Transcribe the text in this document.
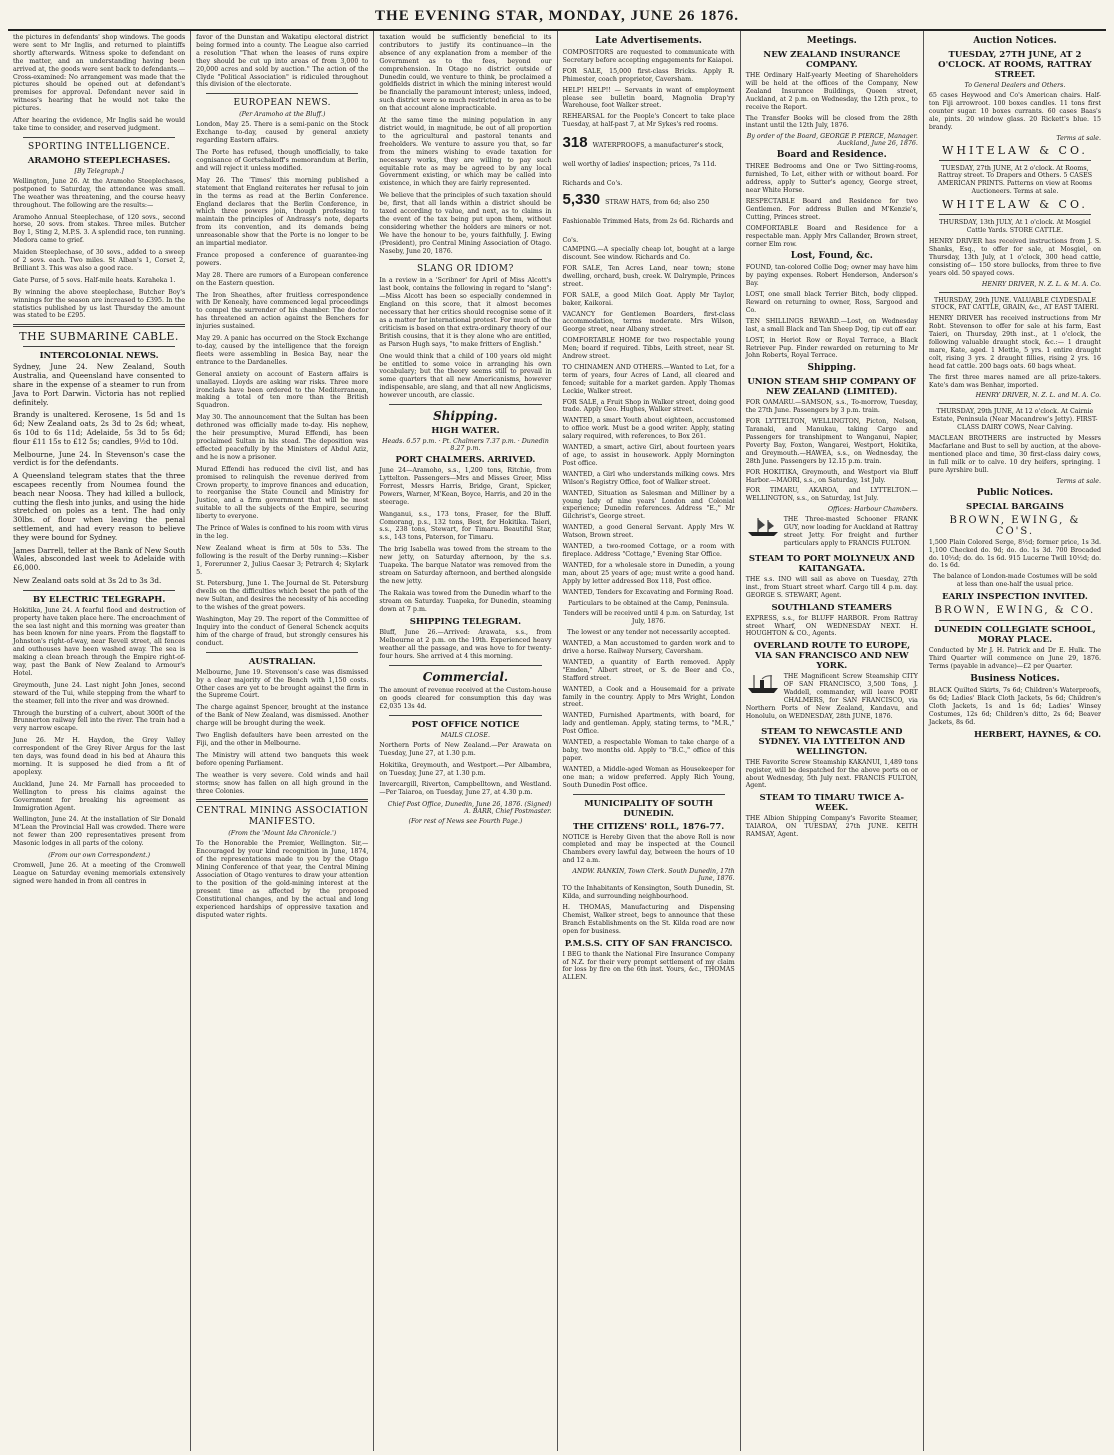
THE EVENING STAR, MONDAY, JUNE 26 1876.

the pictures in defendants' shop windows. The goods were sent to Mr Inglis, and returned to plaintiffs shortly afterwards. Witness spoke to defendant on the matter, and an understanding having been arrived at, the goods were sent back to defendants.—Cross-examined: No arrangement was made that the pictures should be opened out at defendant's premises for approval. Defendant never said in witness's hearing that he would not take the pictures.

After hearing the evidence, Mr Inglis said he would take time to consider, and reserved judgment.

SPORTING INTELLIGENCE.
ARAMOHO STEEPLECHASES.
[By Telegraph.]

Wellington, June 26. At the Aramoho Steeplechases, postponed to Saturday, the attendance was small. The weather was threatening, and the course heavy throughout. The following are the results:—

Aramoho Annual Steeplechase, of 120 sovs., second horse, 20 sovs. from stakes. Three miles. Butcher Boy 1, Sting 2, M.P.S. 3. A splendid race, ten running. Medora came to grief.

Maiden Steeplechase, of 30 sovs., added to a sweep of 2 sovs. each. Two miles. St Alban's 1, Corset 2, Brilliant 3. This was also a good race.

Gate Purse, of 5 sovs. Half-mile heats. Karaheka 1.

By winning the above steeplechase, Butcher Boy's winnings for the season are increased to £395. In the statistics published by us last Thursday the amount was stated to be £295.

THE SUBMARINE CABLE.
INTERCOLONIAL NEWS.

Sydney, June 24. New Zealand, South Australia, and Queensland have consented to share in the expense of a steamer to run from Java to Port Darwin. Victoria has not replied definitely.

Brandy is unaltered. Kerosene, 1s 5d and 1s 6d; New Zealand oats, 2s 3d to 2s 6d; wheat, 6s 10d to 6s 11d; Adelaide, 5s 3d to 5s 6d; flour £11 15s to £12 5s; candles, 9½d to 10d.

Melbourne, June 24. In Stevenson's case the verdict is for the defendants.

A Queensland telegram states that the three escapees recently from Noumea found the beach near Noosa. They had killed a bullock, cutting the flesh into junks, and using the hide stretched on poles as a tent. The had only 30lbs. of flour when leaving the penal settlement, and had every reason to believe they were bound for Sydney.

James Darrell, teller at the Bank of New South Wales, absconded last week to Adelaide with £6,000.

New Zealand oats sold at 3s 2d to 3s 3d.

BY ELECTRIC TELEGRAPH.

Hokitika, June 24. A fearful flood and destruction of property have taken place here. The encroachment of the sea last night and this morning was greater than has been known for nine years. From the flagstaff to Johnston's right-of-way, near Revell street, all fences and outhouses have been washed away. The sea is making a clean breach through the Empire right-of-way, past the Bank of New Zealand to Armour's Hotel.

Greymouth, June 24. Last night John Jones, second steward of the Tui, while stepping from the wharf to the steamer, fell into the river and was drowned.

Through the bursting of a culvert, about 300ft of the Brunnerton railway fell into the river. The train had a very narrow escape.

June 26. Mr H. Haydon, the Grey Valley correspondent of the Grey River Argus for the last ten days, was found dead in his bed at Ahaura this morning. It is supposed he died from a fit of apoplexy.

Auckland, June 24. Mr Farnall has proceeded to Wellington to press his claims against the Government for breaking his agreement as Immigration Agent.

Wellington, June 24. At the installation of Sir Donald M'Lean the Provincial Hall was crowded. There were not fewer than 200 representatives present from Masonic lodges in all parts of the colony.

(From our own Correspondent.)

Cromwell, June 26. At a meeting of the Cromwell League on Saturday evening memorials extensively signed were handed in from all centres in

favor of the Dunstan and Wakatipu electoral district being formed into a county. The League also carried a resolution "That when the leases of runs expire they should be cut up into areas of from 3,000 to 20,000 acres and sold by auction." The action of the Clyde "Political Association" is ridiculed throughout this division of the electorate.

EUROPEAN NEWS.
(Per Aramoho at the Bluff.)

London, May 25. There is a semi-panic on the Stock Exchange to-day, caused by general anxiety regarding Eastern affairs.

The Porte has refused, though unofficially, to take cognisance of Gortschakoff's memorandum at Berlin, and will reject it unless modified.

May 26. The 'Times' this morning published a statement that England reiterates her refusal to join in the terms as read at the Berlin Conference. England declares that the Berlin Conference, in which three powers join, though professing to maintain the principles of Andrassy's note, departs from its convention, and its demands being unreasonable show that the Porte is no longer to be an impartial mediator.

France proposed a conference of guarantee-ing powers.

May 28. There are rumors of a European conference on the Eastern question.

The Iron Sheathes, after fruitless correspondence with Dr Kenealy, have commenced legal proceedings to compel the surrender of his chamber. The doctor has threatened an action against the Benchers for injuries sustained.

May 29. A panic has occurred on the Stock Exchange to-day, caused by the intelligence that the foreign fleets were assembling in Besica Bay, near the entrance to the Dardanelles.

General anxiety on account of Eastern affairs is unallayed. Lloyds are asking war risks. Three more ironclads have been ordered to the Mediterranean, making a total of ten more than the British Squadron.

May 30. The announcement that the Sultan has been dethroned was officially made to-day. His nephew, the heir presumptive, Murad Effendi, has been proclaimed Sultan in his stead. The deposition was effected peacefully by the Ministers of Abdul Aziz, and he is now a prisoner.

Murad Effendi has reduced the civil list, and has promised to relinquish the revenue derived from Crown property, to improve finances and education, to reorganise the State Council and Ministry for Justice, and a firm government that will be most suitable to all the subjects of the Empire, securing liberty to everyone.

The Prince of Wales is confined to his room with virus in the leg.

New Zealand wheat is firm at 50s to 53s. The following is the result of the Derby running:—Kisber 1, Forerunner 2, Julius Caesar 3; Petrarch 4; Skylark 5.

St. Petersburg, June 1. The Journal de St. Petersburg dwells on the difficulties which beset the path of the new Sultan, and desires the necessity of his acceding to the wishes of the great powers.

Washington, May 29. The report of the Committee of Inquiry into the conduct of General Schenck acquits him of the charge of fraud, but strongly censures his conduct.

AUSTRALIAN.

Melbourne, June 19. Stevenson's case was dismissed by a clear majority of the Bench with 1,150 costs. Other cases are yet to be brought against the firm in the Supreme Court.

The charge against Spencer, brought at the instance of the Bank of New Zealand, was dismissed. Another charge will be brought during the week.

Two English defaulters have been arrested on the Fiji, and the other in Melbourne.

The Ministry will attend two banquets this week before opening Parliament.

The weather is very severe. Cold winds and hail storms; snow has fallen on all high ground in the three Colonies.

CENTRAL MINING ASSOCIATION MANIFESTO.
(From the 'Mount Ida Chronicle.')

To the Honorable the Premier, Wellington. Sir,—Encouraged by your kind recognition in June, 1874, of the representations made to you by the Otago Mining Conference of that year, the Central Mining Association of Otago ventures to draw your attention to the position of the gold-mining interest at the present time as affected by the proposed Constitutional changes, and by the actual and long experienced hardships of oppressive taxation and disputed water rights.

taxation would be sufficiently beneficial to its contributors to justify its continuance—in the absence of any explanation from a member of the Government as to the fees, beyond our comprehension. In Otago no district outside of Dunedin could, we venture to think, be proclaimed a goldfields district in which the mining interest would be financially the paramount interest; unless, indeed, such district were so much restricted in area as to be on that account alone impracticable.

At the same time the mining population in any district would, in magnitude, be out of all proportion to the agricultural and pastoral tenants and freeholders. We venture to assure you that, so far from the miners wishing to evade taxation for necessary works, they are willing to pay such equitable rate as may be agreed to by any local Government existing, or which may be called into existence, in which they are fairly represented.

We believe that the principles of such taxation should be, first, that all lands within a district should be taxed according to value, and next, as to claims in the event of the tax being put upon them, without considering whether the holders are miners or not. We have the honour to be, yours faithfully, J. Ewing (President), pro Central Mining Association of Otago. Naseby, June 20, 1876.

SLANG OR IDIOM?

In a review in a 'Scribner' for April of Miss Alcott's last book, contains the following in regard to "slang":—Miss Alcott has been so especially condemned in England on this score, that it almost becomes necessary that her critics should recognise some of it as a matter for international protest. For much of the criticism is based on that extra-ordinary theory of our British cousins, that it is they alone who are entitled, as Parson Hugh says, "to make fritters of English."

One would think that a child of 100 years old might be entitled to some voice in arranging his own vocabulary; but the theory seems still to prevail in some quarters that all new Americanisms, however indispensable, are slang, and that all new Anglicisms, however uncouth, are classic.

Shipping.
HIGH WATER.
Heads. 6.57 p.m. · Pt. Chalmers 7.37 p.m. · Dunedin 8.27 p.m.
PORT CHALMERS. ARRIVED.

June 24—Aramoho, s.s., 1,200 tons, Ritchie, from Lyttelton. Passengers—Mrs and Misses Greer, Miss Forrest, Messrs Harris, Bridge, Grant, Spicker, Powers, Warner, M'Kean, Boyce, Harris, and 20 in the steerage.

Wanganui, s.s., 173 tons, Fraser, for the Bluff. Comorang, p.s., 132 tons, Best, for Hokitika. Taieri, s.s., 238 tons, Stewart, for Timaru. Beautiful Star, s.s., 143 tons, Paterson, for Timaru.

The brig Isabella was towed from the stream to the new jetty, on Saturday afternoon, by the s.s. Tuapeka. The barque Natator was removed from the stream on Saturday afternoon, and berthed alongside the new jetty.

The Rakaia was towed from the Dunedin wharf to the stream on Saturday. Tuapeka, for Dunedin, steaming down at 7 p.m.

SHIPPING TELEGRAM.

Bluff, June 26.—Arrived: Arawata, s.s., from Melbourne at 2 p.m. on the 19th. Experienced heavy weather all the passage, and was hove to for twenty-four hours. She arrived at 4 this morning.

Commercial.

The amount of revenue received at the Custom-house on goods cleared for consumption this day was £2,035 13s 4d.

POST OFFICE NOTICE
MAILS CLOSE.

Northern Ports of New Zealand.—Per Arawata on Tuesday, June 27, at 1.30 p.m.

Hokitika, Greymouth, and Westport.—Per Albambra, on Tuesday, June 27, at 1.30 p.m.

Invercargill, Riverton, Campbelltown, and Westland.—Per Taiaroa, on Tuesday, June 27, at 4.30 p.m.

Chief Post Office, Dunedin, June 26, 1876. (Signed) A. BARR, Chief Postmaster.
(For rest of News see Fourth Page.)
Late Advertisements.

COMPOSITORS are requested to communicate with Secretary before accepting engagements for Kaiapoi.

FOR SALE, 15,000 first-class Bricks. Apply R. Phimester, coach proprietor, Caversham.

HELP! HELP!! — Servants in want of employment please see bulletin board, Magnolia Drap'ry Warehouse, foot Walker street.

REHEARSAL for the People's Concert to take place Tuesday, at half-past 7, at Mr Sykes's red rooms.

318 WATERPROOFS, a manufacturer's stock, well worthy of ladies' inspection; prices, 7s 11d. Richards and Co's.
5,330 STRAW HATS, from 6d; also 250 Fashionable Trimmed Hats, from 2s 6d. Richards and Co's.

CAMPING.—A specially cheap lot, bought at a large discount. See window. Richards and Co.

FOR SALE, Ten Acres Land, near town; stone dwelling, orchard, bush, creek. W. Dalrymple, Princes street.

FOR SALE, a good Milch Goat. Apply Mr Taylor, baker, Kaikorai.

VACANCY for Gentlemen Boarders, first-class accommodation, terms moderate. Mrs Wilson, George street, near Albany street.

COMFORTABLE HOME for two respectable young Men; board if required. Tibbs, Leith street, near St. Andrew street.

TO CHINAMEN AND OTHERS.—Wanted to Let, for a term of years, four Acres of Land, all cleared and fenced; suitable for a market garden. Apply Thomas Leckie, Walker street.

FOR SALE, a Fruit Shop in Walker street, doing good trade. Apply Geo. Hughes, Walker street.

WANTED, a smart Youth about eighteen, accustomed to office work. Must be a good writer. Apply, stating salary required, with references, to Box 261.

WANTED, a smart, active Girl, about fourteen years of age, to assist in housework. Apply Mornington Post office.

WANTED, a Girl who understands milking cows. Mrs Wilson's Registry Office, foot of Walker street.

WANTED, Situation as Salesman and Milliner by a young lady of nine years' London and Colonial experience; Dunedin references. Address "E.," Mr Gilchrist's, George street.

WANTED, a good General Servant. Apply Mrs W. Watson, Brown street.

WANTED, a two-roomed Cottage, or a room with fireplace. Address "Cottage," Evening Star Office.

WANTED, for a wholesale store in Dunedin, a young man, about 25 years of age; must write a good hand. Apply by letter addressed Box 118, Post office.

WANTED, Tenders for Excavating and Forming Road.

Particulars to be obtained at the Camp, Peninsula.

Tenders will be received until 4 p.m. on Saturday, 1st July, 1876.

The lowest or any tender not necessarily accepted.

WANTED, a Man accustomed to garden work and to drive a horse. Railway Nursery, Caversham.

WANTED, a quantity of Earth removed. Apply "Emden," Albert street, or S. de Beer and Co., Stafford street.

WANTED, a Cook and a Housemaid for a private family in the country. Apply to Mrs Wright, London street.

WANTED, Furnished Apartments, with board, for lady and gentleman. Apply, stating terms, to "M.R.," Post Office.

WANTED, a respectable Woman to take charge of a baby, two months old. Apply to "B.C.," office of this paper.

WANTED, a Middle-aged Woman as Housekeeper for one man; a widow preferred. Apply Rich Young, South Dunedin Post office.

MUNICIPALITY OF SOUTH DUNEDIN.
THE CITIZENS' ROLL, 1876-77.

NOTICE is Hereby Given that the above Roll is now completed and may be inspected at the Council Chambers every lawful day, between the hours of 10 and 12 a.m.

ANDW. RANKIN, Town Clerk. South Dunedin, 17th June, 1876.

TO the Inhabitants of Kensington, South Dunedin, St. Kilda, and surrounding neighbourhood.

H. THOMAS, Manufacturing and Dispensing Chemist, Walker street, begs to announce that these Branch Establishments on the St. Kilda road are now open for business.

P.M.S.S. CITY OF SAN FRANCISCO.

I BEG to thank the National Fire Insurance Company of N.Z. for their very prompt settlement of my claim for loss by fire on the 6th inst. Yours, &c., THOMAS ALLEN.

Meetings.
NEW ZEALAND INSURANCE COMPANY.

THE Ordinary Half-yearly Meeting of Shareholders will be held at the offices of the Company, New Zealand Insurance Buildings, Queen street, Auckland, at 2 p.m. on Wednesday, the 12th prox., to receive the Report.

The Transfer Books will be closed from the 28th instant until the 12th July, 1876.

By order of the Board, GEORGE P. PIERCE, Manager. Auckland, June 26, 1876.
Board and Residence.

THREE Bedrooms and One or Two Sitting-rooms, furnished, To Let, either with or without board. For address, apply to Sutter's agency, George street, near White Horse.

RESPECTABLE Board and Residence for two Gentlemen. For address Bullen and M'Kenzie's, Cutting, Princes street.

COMFORTABLE Board and Residence for a respectable man. Apply Mrs Callander, Brown street, corner Elm row.

Lost, Found, &c.

FOUND, tan-colored Collie Dog; owner may have him by paying expenses. Robert Henderson, Anderson's Bay.

LOST, one small black Terrier Bitch, body clipped. Reward on returning to owner, Ross, Sargood and Co.

TEN SHILLINGS REWARD.—Lost, on Wednesday last, a small Black and Tan Sheep Dog, tip cut off ear.

LOST, in Heriot Row or Royal Terrace, a Black Retriever Pup. Finder rewarded on returning to Mr John Roberts, Royal Terrace.

Shipping.
UNION STEAM SHIP COMPANY OF NEW ZEALAND (LIMITED).

FOR OAMARU.—SAMSON, s.s., To-morrow, Tuesday, the 27th June. Passengers by 3 p.m. train.

FOR LYTTELTON, WELLINGTON, Picton, Nelson, Taranaki, and Manukau, taking Cargo and Passengers for transhipment to Wanganui, Napier, Poverty Bay, Foxton, Wangarei, Westport, Hokitika, and Greymouth.—HAWEA, s.s., on Wednesday, the 28th June. Passengers by 12.15 p.m. train.

FOR HOKITIKA, Greymouth, and Westport via Bluff Harbor.—MAORI, s.s., on Saturday, 1st July.

FOR TIMARU, AKAROA, and LYTTELTON.—WELLINGTON, s.s., on Saturday, 1st July.

Offices: Harbour Chambers.

THE Three-masted Schooner FRANK GUY, now loading for Auckland at Rattray street Jetty. For freight and further particulars apply to FRANCIS FULTON.

STEAM TO PORT MOLYNEUX AND KAITANGATA.

THE s.s. INO will sail as above on Tuesday, 27th inst., from Stuart street wharf. Cargo till 4 p.m. day. GEORGE S. STEWART, Agent.

SOUTHLAND STEAMERS

EXPRESS, s.s., for BLUFF HARBOR. From Rattray street Wharf, ON WEDNESDAY NEXT. H. HOUGHTON & CO., Agents.

OVERLAND ROUTE TO EUROPE, VIA SAN FRANCISCO AND NEW YORK.

THE Magnificent Screw Steamship CITY OF SAN FRANCISCO, 3,500 Tons, J. Waddell, commander, will leave PORT CHALMERS, for SAN FRANCISCO, via Northern Ports of New Zealand, Kandavu, and Honolulu, on WEDNESDAY, 28th JUNE, 1876.

STEAM TO NEWCASTLE AND SYDNEY. VIA LYTTELTON AND WELLINGTON.

THE Favorite Screw Steamship KAKANUI, 1,489 tons register, will be despatched for the above ports on or about Wednesday, 5th July next. FRANCIS FULTON, Agent.

STEAM TO TIMARU TWICE A-WEEK.

THE Albion Shipping Company's Favorite Steamer, TAIAROA, ON TUESDAY, 27th JUNE. KEITH RAMSAY, Agent.

Auction Notices.
TUESDAY, 27TH JUNE, AT 2 O'CLOCK. AT ROOMS, RATTRAY STREET.
To General Dealers and Others.

65 cases Heywood and Co's American chairs. Half-ton Fiji arrowroot. 100 boxes candles. 11 tons first counter sugar. 10 boxes currants. 60 cases Baas's ale, pints. 20 window glass. 20 Rickett's blue. 15 brandy.

Terms at sale.
WHITELAW & CO.

TUESDAY, 27th JUNE, At 2 o'clock. At Rooms, Rattray street. To Drapers and Others. 5 CASES AMERICAN PRINTS. Patterns on view at Rooms Auctioneers. Terms at sale.

WHITELAW & CO.

THURSDAY, 13th JULY, At 1 o'clock. At Mosgiel Cattle Yards. STORE CATTLE.

HENRY DRIVER has received instructions from J. S. Shanks, Esq., to offer for sale, at Mosgiel, on Thursday, 13th July, at 1 o'clock, 300 head cattle, consisting of— 150 store bullocks, from three to five years old. 50 spayed cows.

HENRY DRIVER, N. Z. L. & M. A. Co.

THURSDAY, 29th JUNE. VALUABLE CLYDESDALE STOCK, FAT CATTLE, GRAIN, &c., AT EAST TAIERI.

HENRY DRIVER has received instructions from Mr Robt. Stevenson to offer for sale at his farm, East Taieri, on Thursday, 29th inst., at 1 o'clock, the following valuable draught stock, &c.:— 1 draught mare, Kate, aged. 1 Mettle, 5 yrs. 1 entire draught colt, rising 3 yrs. 2 draught fillies, rising 2 yrs. 16 head fat cattle. 200 bags oats. 60 bags wheat.

The first three mares named are all prize-takers. Kate's dam was Benhar, imported.

HENRY DRIVER, N. Z. L. and M. A. Co.

THURSDAY, 29th JUNE, At 12 o'clock. At Cairnie Estate, Peninsula (Near Macandrew's Jetty). FIRST-CLASS DAIRY COWS, Near Calving.

MACLEAN BROTHERS are instructed by Messrs Macfarlane and Bust to sell by auction, at the above-mentioned place and time, 30 first-class dairy cows, in full milk or to calve. 10 dry heifers, springing. 1 pure Ayrshire bull.

Terms at sale.
Public Notices.
SPECIAL BARGAINS
BROWN, EWING, & CO'S.

1,500 Plain Colored Serge, 8½d; former price, 1s 3d. 1,100 Checked do. 9d; do. do. 1s 3d. 700 Brocaded do. 10½d; do. do. 1s 6d. 915 Lucerne Twill 10½d; do. do. 1s 6d.

The balance of London-made Costumes will be sold at less than one-half the usual price.

EARLY INSPECTION INVITED.
BROWN, EWING, & CO.
DUNEDIN COLLEGIATE SCHOOL, MORAY PLACE.

Conducted by Mr J. H. Patrick and Dr E. Hulk. The Third Quarter will commence on June 29, 1876. Terms (payable in advance)—£2 per Quarter.

Business Notices.

BLACK Quilted Skirts, 7s 6d; Children's Waterproofs, 6s 6d; Ladies' Black Cloth Jackets, 5s 6d; Children's Cloth Jackets, 1s and 1s 6d; Ladies' Winsey Costumes, 12s 6d; Children's ditto, 2s 6d; Beaver Jackets, 8s 6d.

HERBERT, HAYNES, & CO.
